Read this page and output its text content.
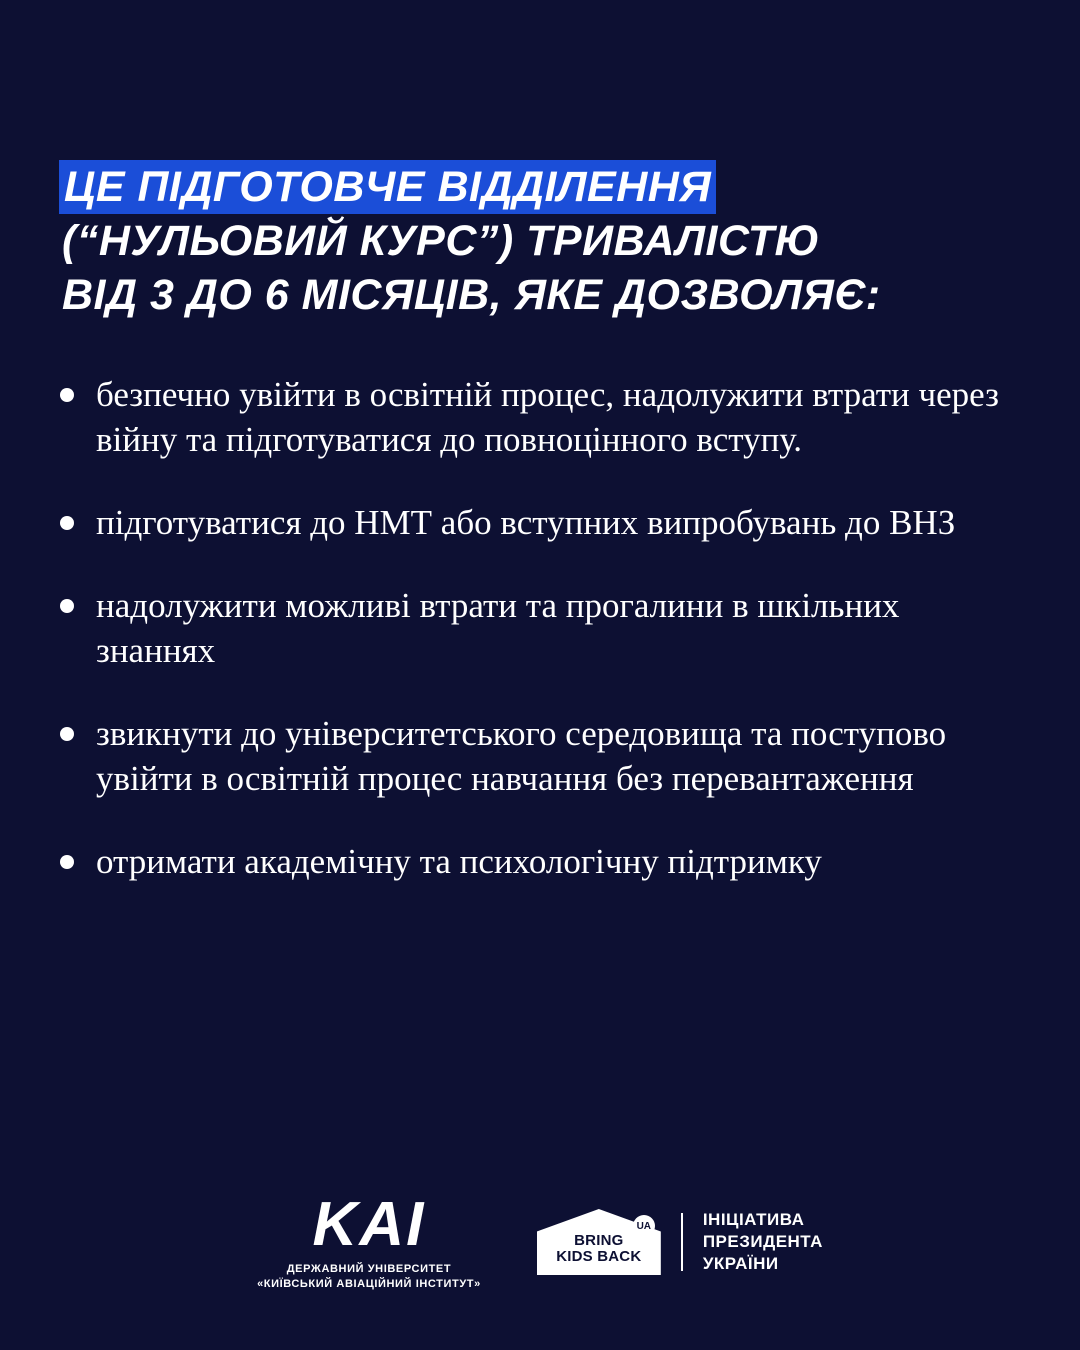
ЦЕ ПІДГОТОВЧЕ ВІДДІЛЕННЯ
(“НУЛЬОВИЙ КУРС”) ТРИВАЛІСТЮ
ВІД 3 ДО 6 МІСЯЦІВ, ЯКЕ ДОЗВОЛЯЄ:
безпечно увійти в освітній процес, надолужити втрати через війну та підготуватися до повноцінного вступу.
підготуватися до НМТ або вступних випробувань до ВНЗ
надолужити можливі втрати та прогалини в шкільних знаннях
звикнути до університетського середовища та поступово увійти в освітній процес навчання без перевантаження
отримати академічну та психологічну підтримку
KAI
ДЕРЖАВНИЙ УНІВЕРСИТЕТ
«КИЇВСЬКИЙ АВІАЦІЙНИЙ ІНСТИТУТ»
BRING
KIDS BACK
UA	ІНІЦІАТИВА
ПРЕЗИДЕНТА
УКРАЇНИ
